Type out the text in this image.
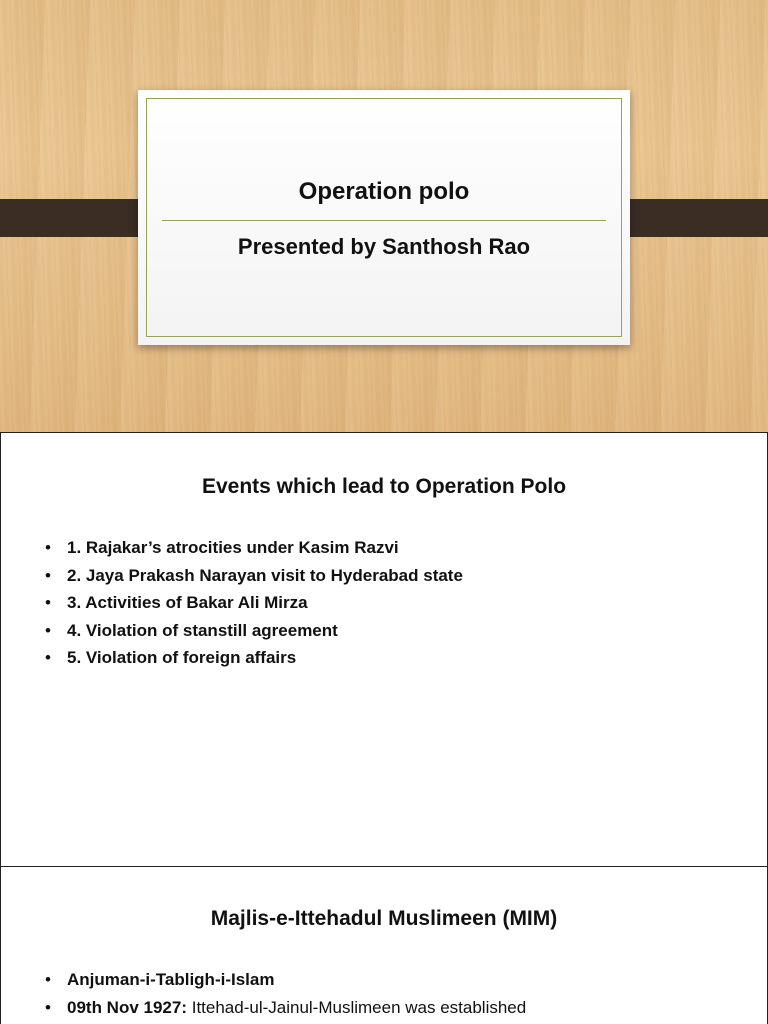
Operation polo
Presented by Santhosh Rao
Events which lead to Operation Polo
• 1. Rajakar’s atrocities under Kasim Razvi
• 2. Jaya Prakash Narayan visit to Hyderabad state
• 3. Activities of Bakar Ali Mirza
• 4. Violation of stanstill agreement
• 5. Violation of foreign affairs
Majlis-e-Ittehadul Muslimeen (MIM)
• Anjuman-i-Tabligh-i-Islam
• 09th Nov 1927: Ittehad-ul-Jainul-Muslimeen was established
